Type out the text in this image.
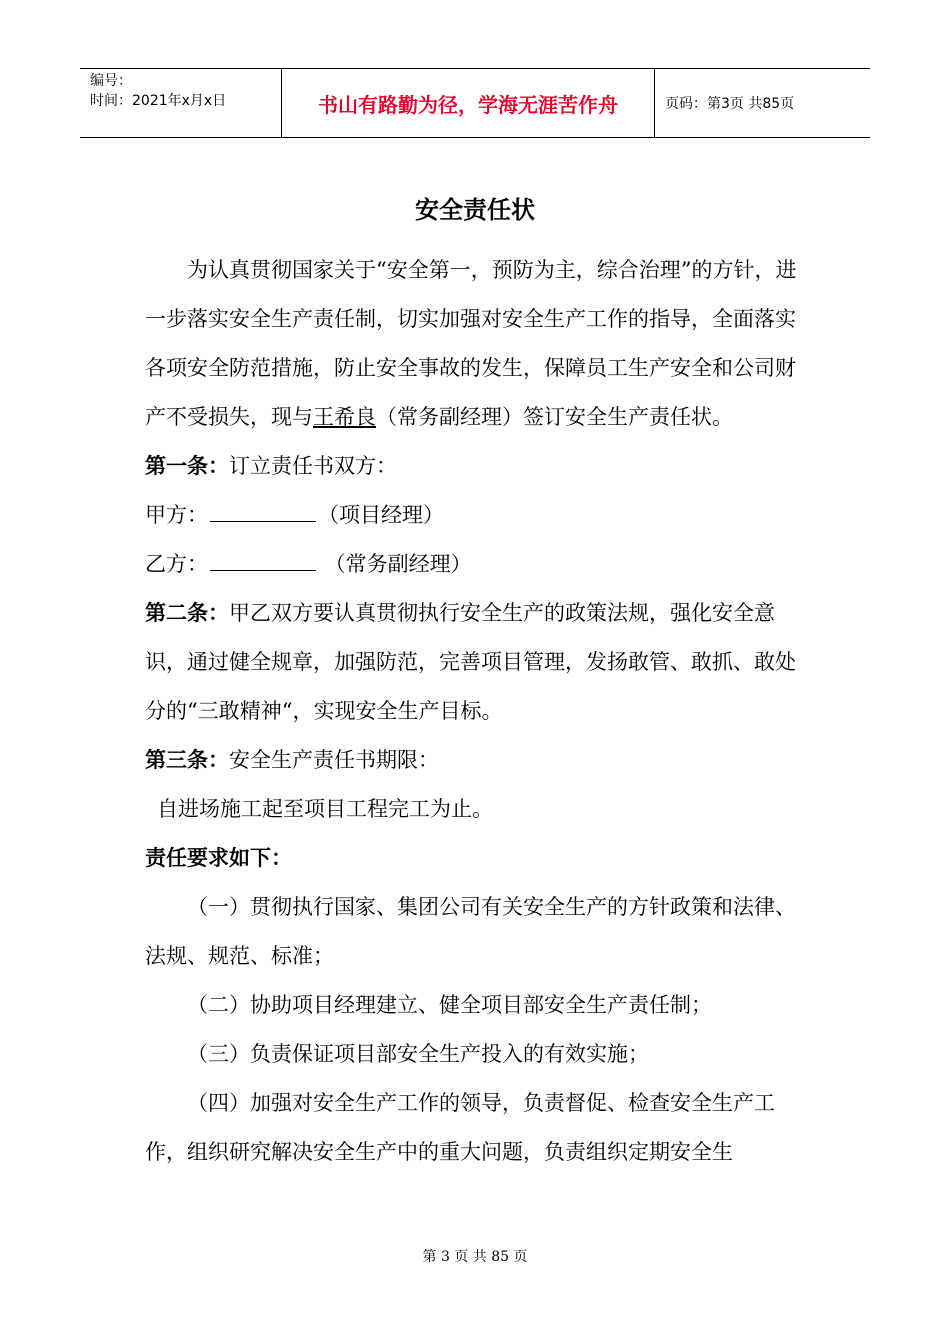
编号：
时间：2021年x月x日	书山有路勤为径，学海无涯苦作舟	页码：第3页 共85页
安全责任状

为认真贯彻国家关于“安全第一，预防为主，综合治理”的方针，进一步落实安全生产责任制，切实加强对安全生产工作的指导，全面落实各项安全防范措施，防止安全事故的发生，保障员工生产安全和公司财产不受损失，现与王希良（常务副经理）签订安全生产责任状。

第一条：订立责任书双方：

甲方：	（项目经理）

乙方：	（常务副经理）

第二条：甲乙双方要认真贯彻执行安全生产的政策法规，强化安全意识，通过健全规章，加强防范，完善项目管理，发扬敢管、敢抓、敢处分的“三敢精神“，实现安全生产目标。

第三条：安全生产责任书期限：

自进场施工起至项目工程完工为止。

责任要求如下：

（一）贯彻执行国家、集团公司有关安全生产的方针政策和法律、法规、规范、标准；

（二）协助项目经理建立、健全项目部安全生产责任制；

（三）负责保证项目部安全生产投入的有效实施；

（四）加强对安全生产工作的领导，负责督促、检查安全生产工作，组织研究解决安全生产中的重大问题，负责组织定期安全生

第 3 页 共 85 页
